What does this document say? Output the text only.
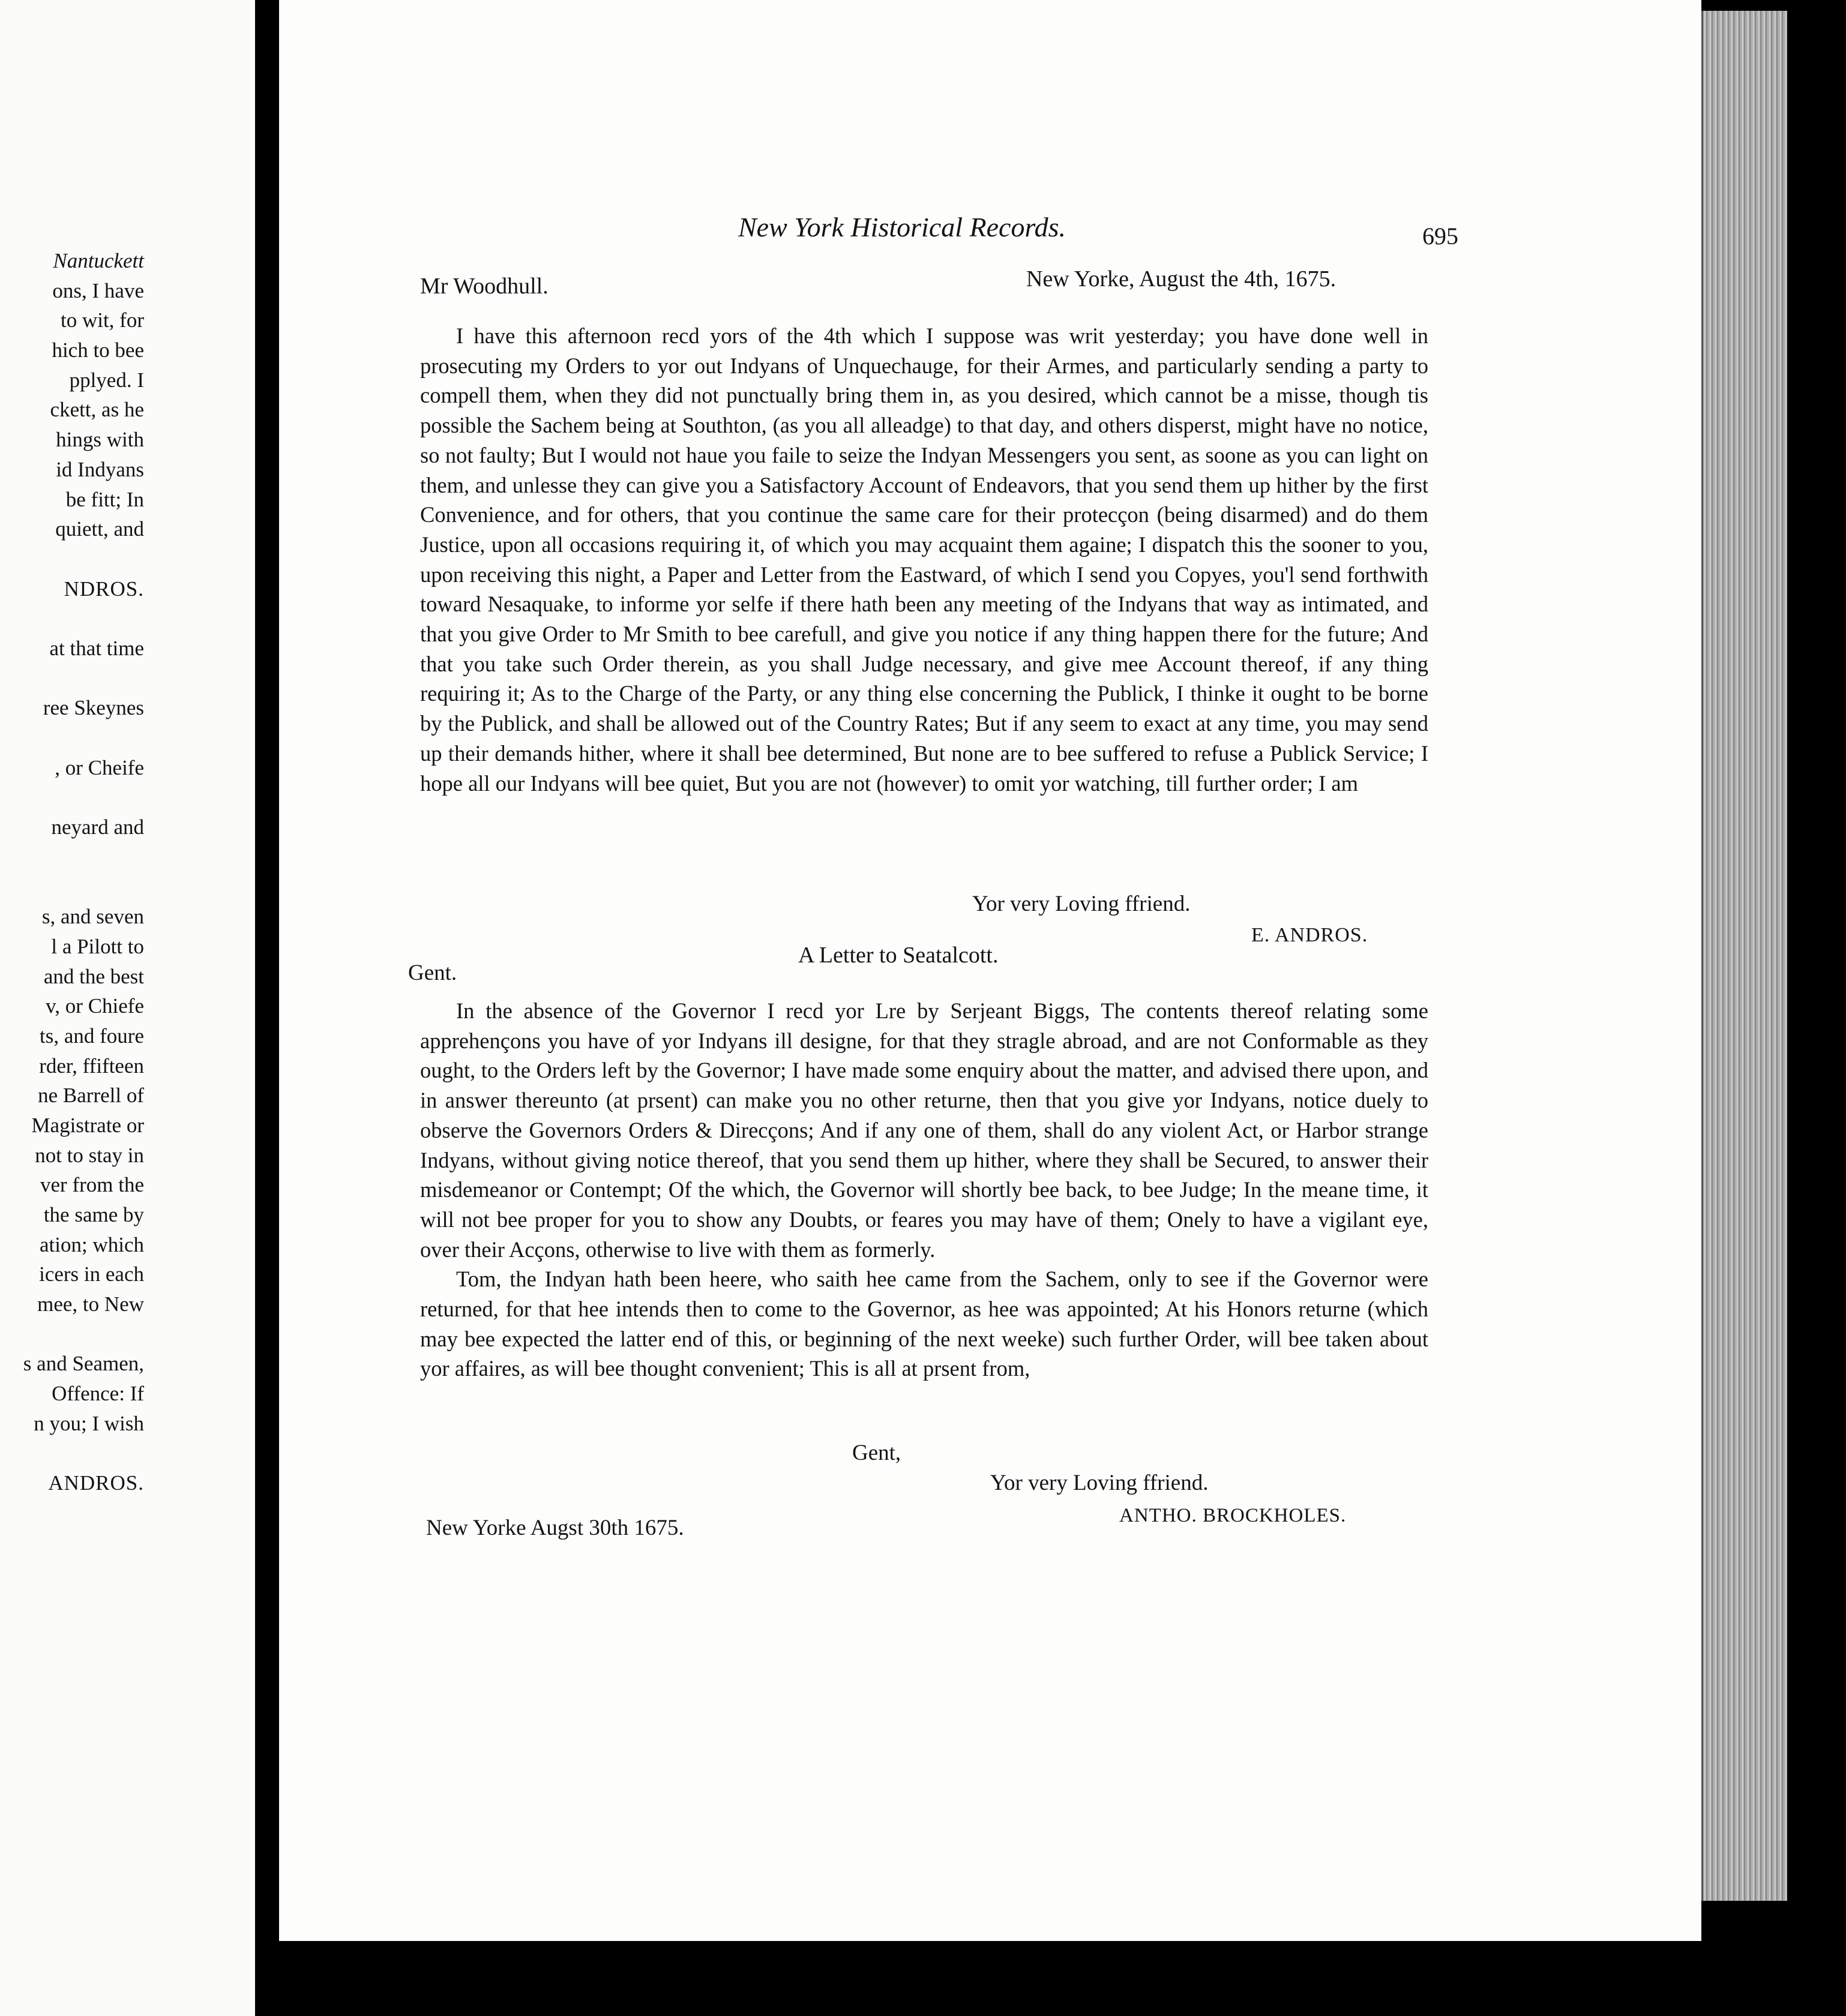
Nantuckett
ons, I have
to wit, for
hich to bee
pplyed. I
ckett, as he
hings with
id Indyans
be fitt; In
quiett, and
NDROS.
at that time
ree Skeynes
, or Cheife
neyard and
s, and seven
l a Pilott to
and the best
v, or Chiefe
ts, and foure
rder, ffifteen
ne Barrell of
Magistrate or
not to stay in
ver from the
the same by
ation; which
icers in each
mee, to New
s and Seamen,
Offence: If
n you; I wish
ANDROS.
New York Historical Records.	695
Mr Woodhull.	New Yorke, August the 4th, 1675.

I have this afternoon recd yors of the 4th which I suppose was writ yesterday; you have done well in prosecuting my Orders to yor out Indyans of Unquechauge, for their Armes, and particularly sending a party to compell them, when they did not punctually bring them in, as you desired, which cannot be a misse, though tis possible the Sachem being at Southton, (as you all alleadge) to that day, and others disperst, might have no notice, so not faulty; But I would not haue you faile to seize the Indyan Messengers you sent, as soone as you can light on them, and unlesse they can give you a Satisfactory Account of Endeavors, that you send them up hither by the first Convenience, and for others, that you continue the same care for their protecçon (being disarmed) and do them Justice, upon all occasions requiring it, of which you may acquaint them againe; I dispatch this the sooner to you, upon receiving this night, a Paper and Letter from the Eastward, of which I send you Copyes, you'l send forthwith toward Nesaquake, to informe yor selfe if there hath been any meeting of the Indyans that way as intimated, and that you give Order to Mr Smith to bee carefull, and give you notice if any thing happen there for the future; And that you take such Order therein, as you shall Judge necessary, and give mee Account thereof, if any thing requiring it; As to the Charge of the Party, or any thing else concerning the Publick, I thinke it ought to be borne by the Publick, and shall be allowed out of the Country Rates; But if any seem to exact at any time, you may send up their demands hither, where it shall bee determined, But none are to bee suffered to refuse a Publick Service; I hope all our Indyans will bee quiet, But you are not (however) to omit yor watching, till further order; I am

Yor very Loving ffriend.
E. ANDROS.
A Letter to Seatalcott.
Gent.

In the absence of the Governor I recd yor Lre by Serjeant Biggs, The contents thereof relating some apprehençons you have of yor Indyans ill designe, for that they stragle abroad, and are not Conformable as they ought, to the Orders left by the Governor; I have made some enquiry about the matter, and advised there upon, and in answer thereunto (at prsent) can make you no other returne, then that you give yor Indyans, notice duely to observe the Governors Orders & Direcçons; And if any one of them, shall do any violent Act, or Harbor strange Indyans, without giving notice thereof, that you send them up hither, where they shall be Secured, to answer their misdemeanor or Contempt; Of the which, the Governor will shortly bee back, to bee Judge; In the meane time, it will not bee proper for you to show any Doubts, or feares you may have of them; Onely to have a vigilant eye, over their Acçons, otherwise to live with them as formerly.

Tom, the Indyan hath been heere, who saith hee came from the Sachem, only to see if the Governor were returned, for that hee intends then to come to the Governor, as hee was appointed; At his Honors returne (which may bee expected the latter end of this, or beginning of the next weeke) such further Order, will bee taken about yor affaires, as will bee thought convenient; This is all at prsent from,

Gent,
Yor very Loving ffriend.
ANTHO. BROCKHOLES.
New Yorke Augst 30th 1675.
